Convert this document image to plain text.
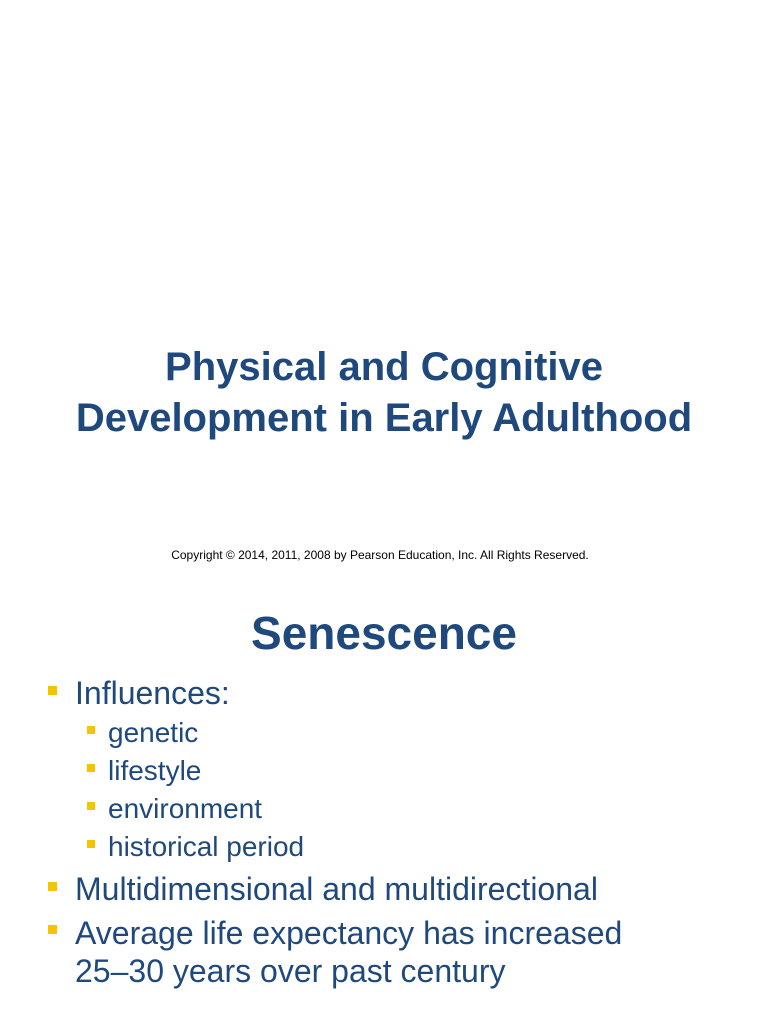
Physical and Cognitive
Development in Early Adulthood
Copyright © 2014, 2011, 2008 by Pearson Education, Inc. All Rights Reserved.
Senescence
Influences:
genetic
lifestyle
environment
historical period
Multidimensional and multidirectional
Average life expectancy has increased
25–30 years over past century
